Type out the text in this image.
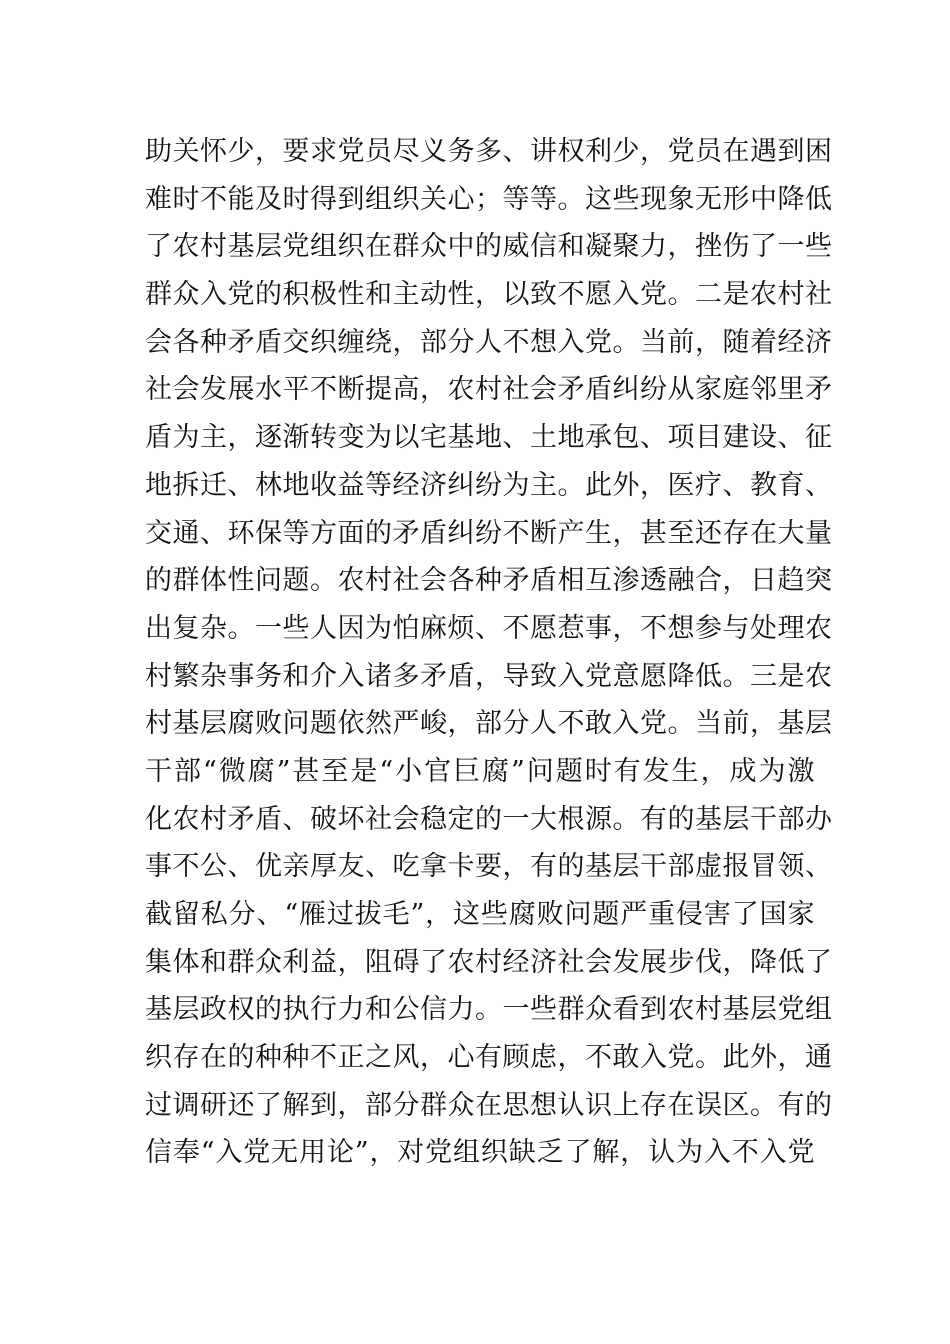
助关怀少，要求党员尽义务多、讲权利少，党员在遇到困
难时不能及时得到组织关心；等等。这些现象无形中降低
了农村基层党组织在群众中的威信和凝聚力，挫伤了一些
群众入党的积极性和主动性，以致不愿入党。二是农村社
会各种矛盾交织缠绕，部分人不想入党。当前，随着经济
社会发展水平不断提高，农村社会矛盾纠纷从家庭邻里矛
盾为主，逐渐转变为以宅基地、土地承包、项目建设、征
地拆迁、林地收益等经济纠纷为主。此外，医疗、教育、
交通、环保等方面的矛盾纠纷不断产生，甚至还存在大量
的群体性问题。农村社会各种矛盾相互渗透融合，日趋突
出复杂。一些人因为怕麻烦、不愿惹事，不想参与处理农
村繁杂事务和介入诸多矛盾，导致入党意愿降低。三是农
村基层腐败问题依然严峻，部分人不敢入党。当前，基层
干部“微腐”甚至是“小官巨腐”问题时有发生，成为激
化农村矛盾、破坏社会稳定的一大根源。有的基层干部办
事不公、优亲厚友、吃拿卡要，有的基层干部虚报冒领、
截留私分、“雁过拔毛”，这些腐败问题严重侵害了国家
集体和群众利益，阻碍了农村经济社会发展步伐，降低了
基层政权的执行力和公信力。一些群众看到农村基层党组
织存在的种种不正之风，心有顾虑，不敢入党。此外，通
过调研还了解到，部分群众在思想认识上存在误区。有的
信奉“入党无用论”，对党组织缺乏了解，认为入不入党
